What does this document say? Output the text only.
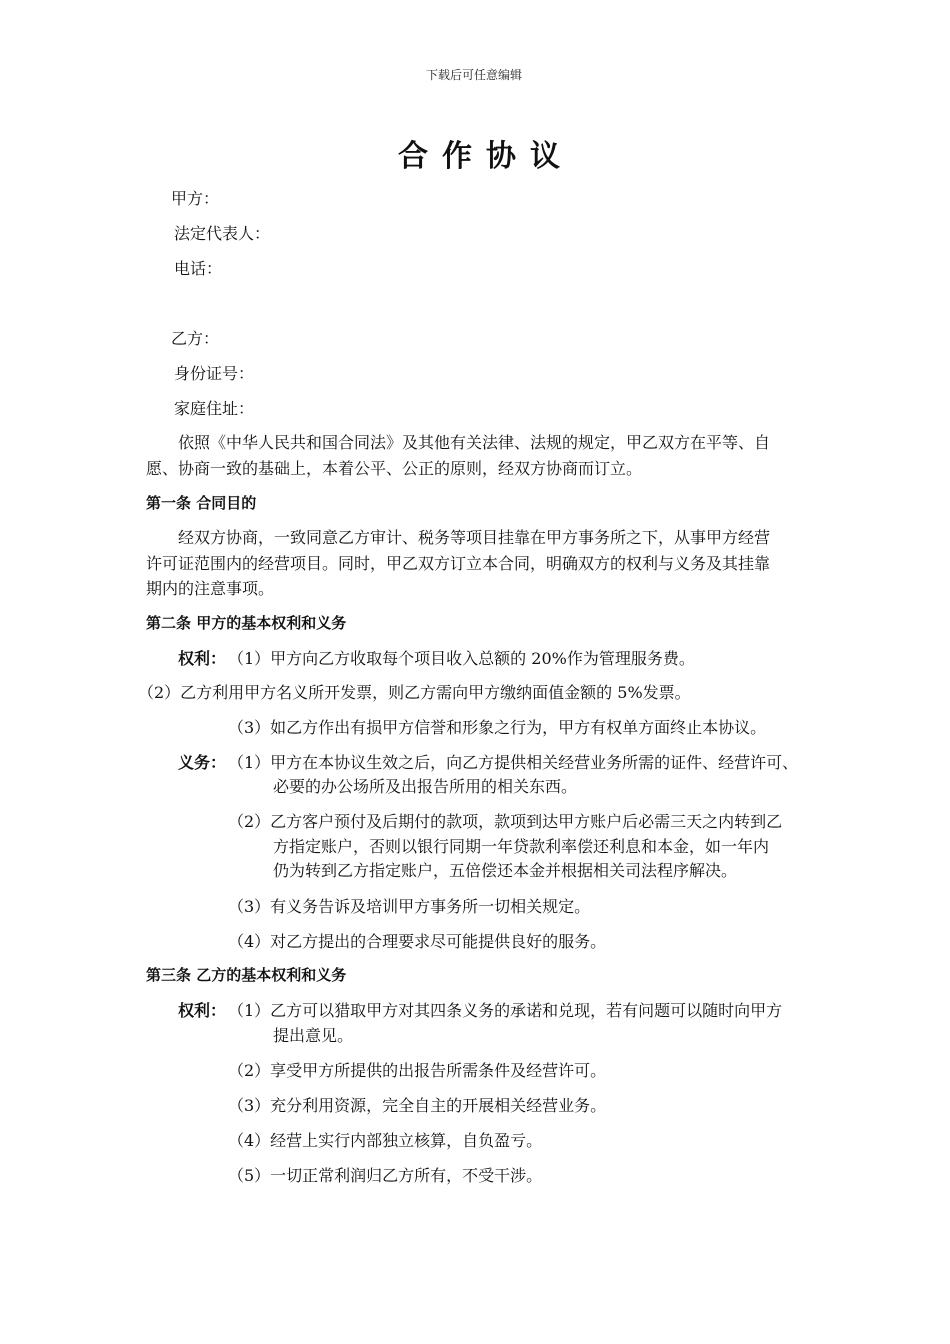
下载后可任意编辑
合作协议
甲方：
法定代表人：
电话：
乙方：
身份证号：
家庭住址：
依照《中华人民共和国合同法》及其他有关法律、法规的规定，甲乙双方在平等、自
愿、协商一致的基础上，本着公平、公正的原则，经双方协商而订立。
第一条 合同目的
经双方协商，一致同意乙方审计、税务等项目挂靠在甲方事务所之下，从事甲方经营
许可证范围内的经营项目。同时，甲乙双方订立本合同，明确双方的权利与义务及其挂靠
期内的注意事项。
第二条 甲方的基本权利和义务
权利： （1）甲方向乙方收取每个项目收入总额的 20%作为管理服务费。
（2）乙方利用甲方名义所开发票，则乙方需向甲方缴纳面值金额的 5%发票。
（3）如乙方作出有损甲方信誉和形象之行为，甲方有权单方面终止本协议。
义务： （1）甲方在本协议生效之后，向乙方提供相关经营业务所需的证件、经营许可、
必要的办公场所及出报告所用的相关东西。
（2）乙方客户预付及后期付的款项，款项到达甲方账户后必需三天之内转到乙
方指定账户，否则以银行同期一年贷款利率偿还利息和本金，如一年内
仍为转到乙方指定账户，五倍偿还本金并根据相关司法程序解决。
（3）有义务告诉及培训甲方事务所一切相关规定。
（4）对乙方提出的合理要求尽可能提供良好的服务。
第三条 乙方的基本权利和义务
权利： （1）乙方可以猎取甲方对其四条义务的承诺和兑现，若有问题可以随时向甲方
提出意见。
（2）享受甲方所提供的出报告所需条件及经营许可。
（3）充分利用资源，完全自主的开展相关经营业务。
（4）经营上实行内部独立核算，自负盈亏。
（5）一切正常利润归乙方所有，不受干涉。
